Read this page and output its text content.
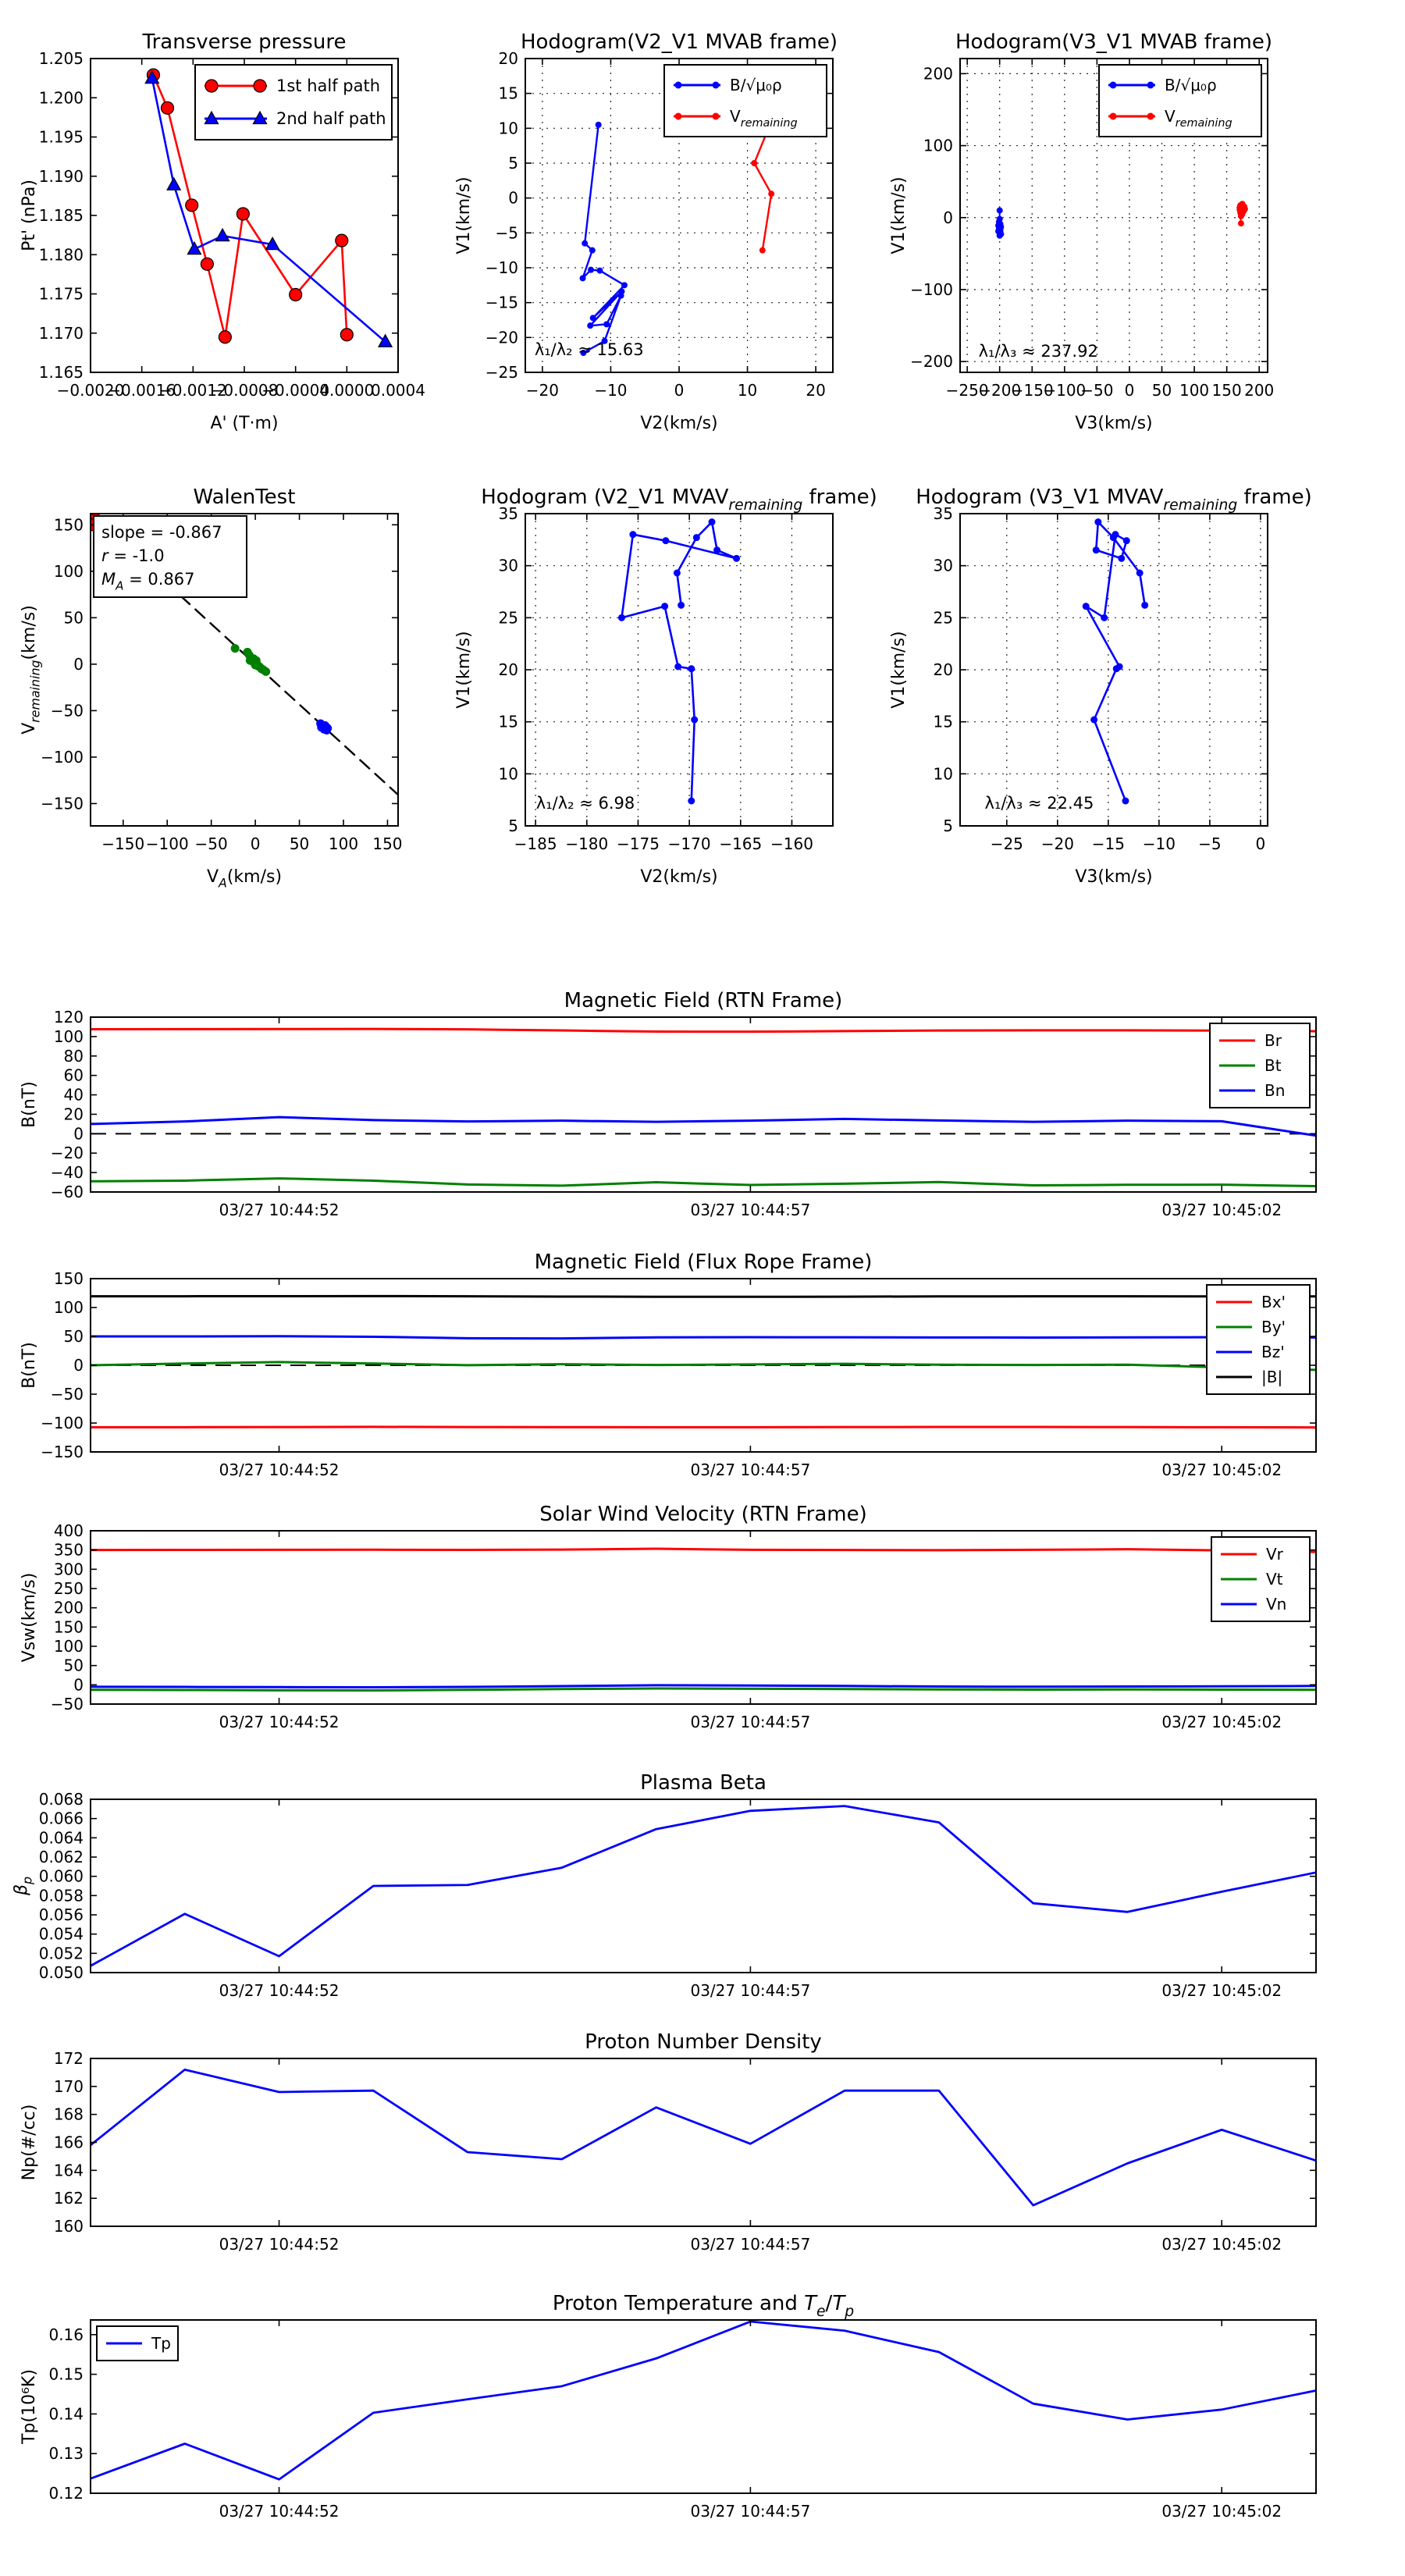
−0.0020
−0.0016
−0.0012
−0.0008
−0.0004
0.0000
0.0004
1.165
1.170
1.175
1.180
1.185
1.190
1.195
1.200
1.205
Transverse pressure
A' (T·m)
Pt' (nPa)
1st half path
2nd half path
−20 −10	0	10	20
−25
−20
−15
−10
−5
0
5
10
15
20
Hodogram(V2_V1 MVAB frame)
V2(km/s)
V1(km/s)
B/√μ₀ρ
$V_{remaining}$
λ₁/λ₂ ≈ 15.63
−250
−200
−150
−100
−50 0 50 100 150 200
−200
−100
0
100
200
Hodogram(V3_V1 MVAB frame)
V3(km/s)
V1(km/s)
B/√μ₀ρ
$V_{remaining}$
λ₁/λ₃ ≈ 237.92
−150 −100 −50 0 50 100 150
−150
−100
−50
0
50
100
150
WalenTest
$V_A(km/s)$
$V_{remaining}(km/s)$
slope = -0.867
r = -1.0
$M_A = 0.867$
−185 −180 −175 −170 −165 −160
5
10
15
20
25
30
35
Hodogram (V2_V1 $MVAV_{remaining}$ frame)
V2(km/s)
V1(km/s)
λ₁/λ₂ ≈ 6.98
−25 −20 −15 −10 −5 0
5
10
15
20
25
30
35
Hodogram (V3_V1 $MVAV_{remaining}$ frame)
V3(km/s)
V1(km/s)
λ₁/λ₃ ≈ 22.45
03/27 10:44:52	03/27 10:44:57	03/27 10:45:02
−60
−40
−20
0
20
40
60
80
100
120
Magnetic Field (RTN Frame)
B(nT)
Br
Bt
Bn
03/27 10:44:52	03/27 10:44:57	03/27 10:45:02
−150
−100
−50
0
50
100
150
Magnetic Field (Flux Rope Frame)
B(nT)
Bx'
By'
Bz'
|B|
03/27 10:44:52	03/27 10:44:57	03/27 10:45:02
−50
0
50
100
150
200
250
300
350
400
Solar Wind Velocity (RTN Frame)
Vsw(km/s)
Vr
Vt
Vn
03/27 10:44:52	03/27 10:44:57	03/27 10:45:02
0.050
0.052
0.054
0.056
0.058
0.060
0.062
0.064
0.066
0.068
Plasma Beta
$\beta_p$
03/27 10:44:52	03/27 10:44:57	03/27 10:45:02
160
162
164
166
168
170
172
Proton Number Density
Np(#/cc)
03/27 10:44:52	03/27 10:44:57	03/27 10:45:02
0.12
0.13
0.14
0.15
0.16
Proton Temperature and $T_e/T_p$
Tp(10⁶K)
Tp
